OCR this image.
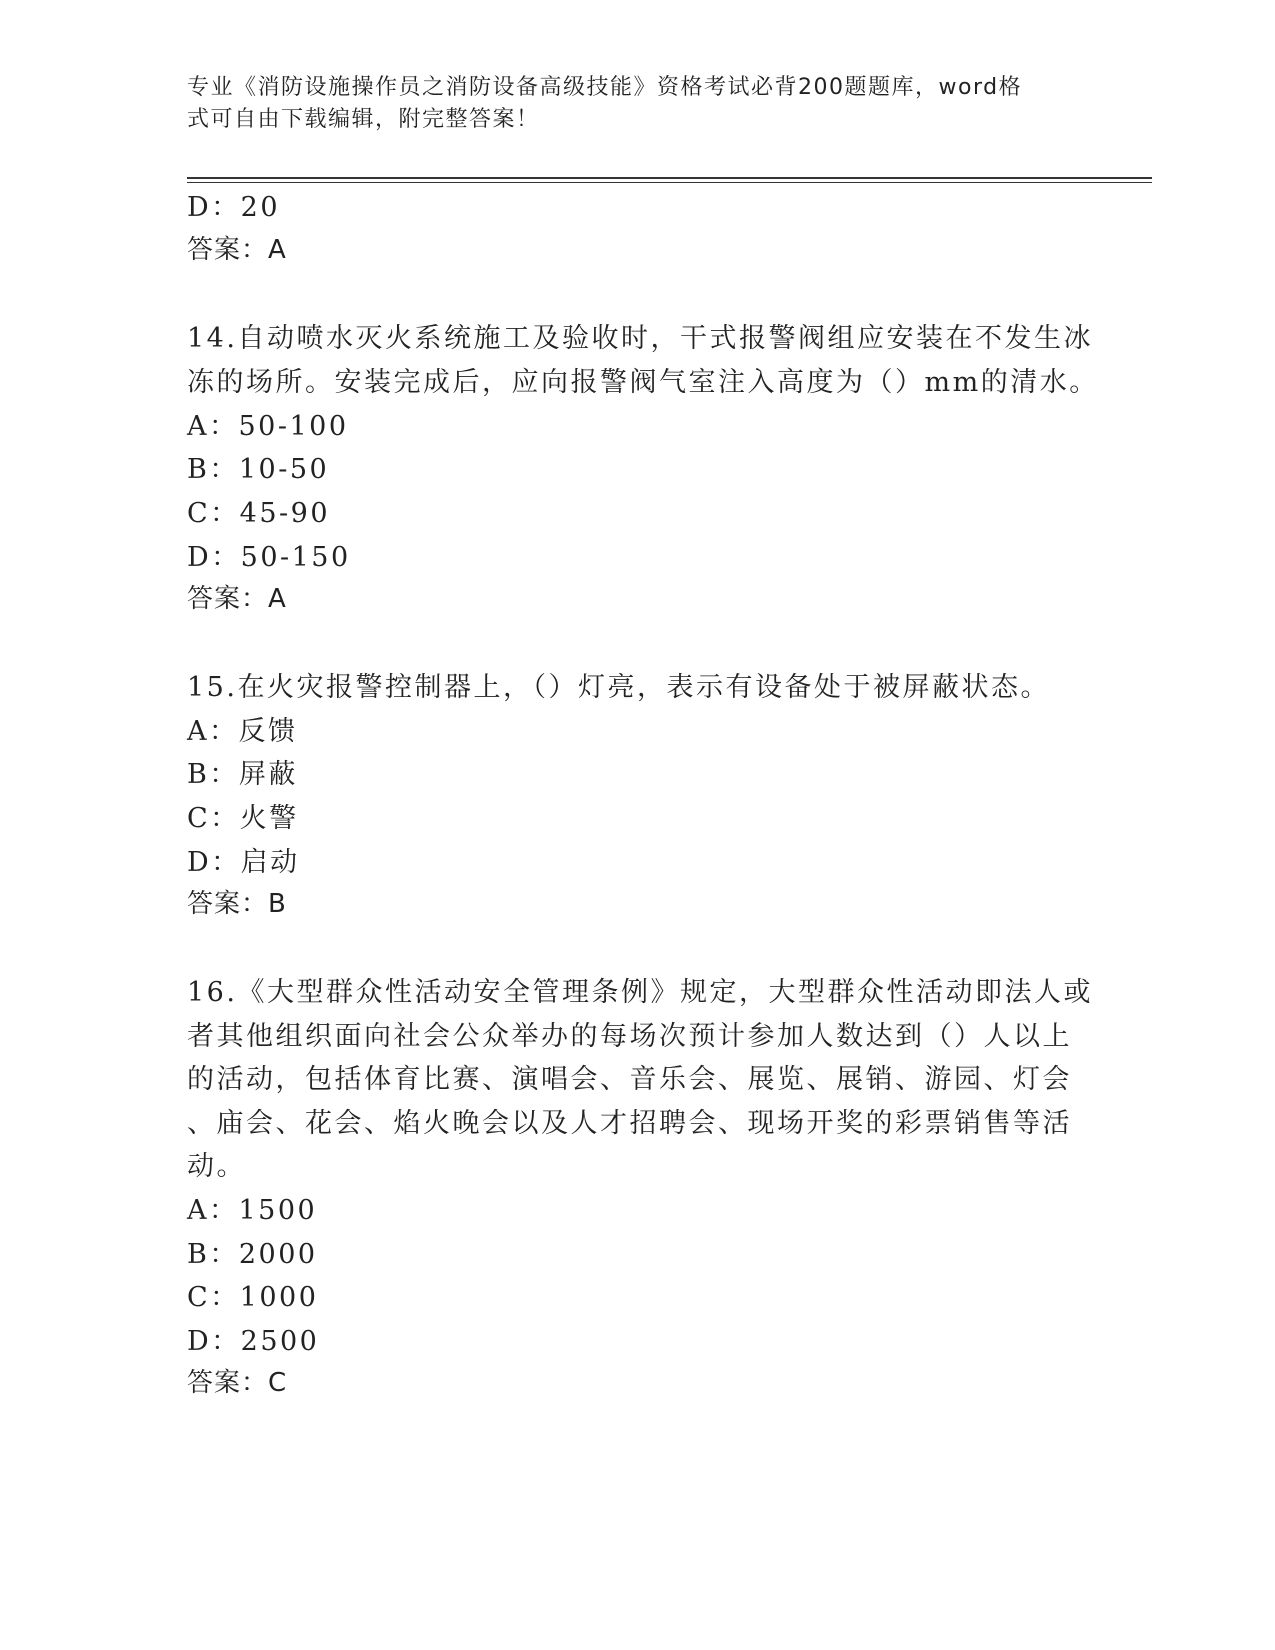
专业《消防设施操作员之消防设备高级技能》资格考试必背200题题库，word格
式可自由下载编辑，附完整答案！
D：20
答案：A
14.自动喷水灭火系统施工及验收时，干式报警阀组应安装在不发生冰
冻的场所。安装完成后，应向报警阀气室注入高度为（）mm的清水。
A：50-100
B：10-50
C：45-90
D：50-150
答案：A
15.在火灾报警控制器上，（）灯亮，表示有设备处于被屏蔽状态。
A：反馈
B：屏蔽
C：火警
D：启动
答案：B
16.《大型群众性活动安全管理条例》规定，大型群众性活动即法人或
者其他组织面向社会公众举办的每场次预计参加人数达到（）人以上
的活动，包括体育比赛、演唱会、音乐会、展览、展销、游园、灯会
、庙会、花会、焰火晚会以及人才招聘会、现场开奖的彩票销售等活
动。
A：1500
B：2000
C：1000
D：2500
答案：C
